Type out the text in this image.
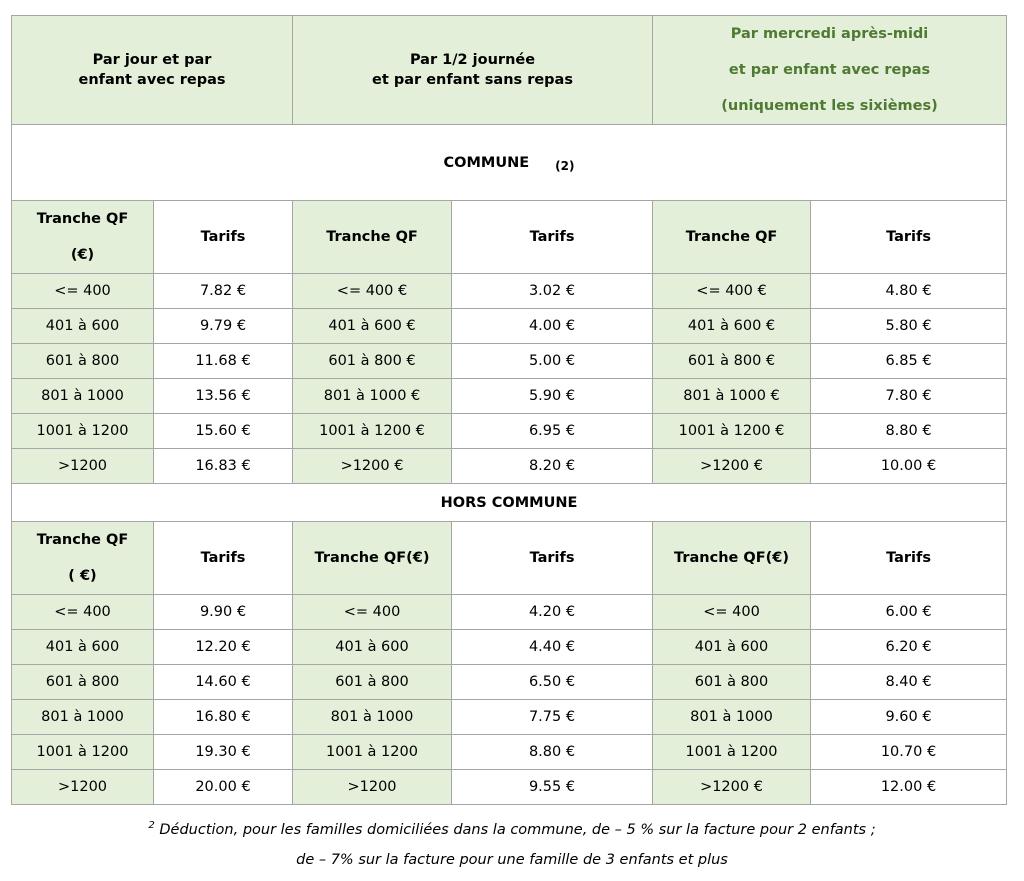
Par jour et par
enfant avec repas		Par 1/2 journée
et par enfant sans repas		Par mercredi après-midi
et par enfant avec repas
(uniquement les sixièmes)	
COMMUNE $_{(2)}$
Tranche QF
(€)	Tarifs	Tranche QF	Tarifs	Tranche QF	Tarifs
<= 400	7.82 €	<= 400 €	3.02 €	<= 400 €	4.80 €
401 à 600	9.79 €	401 à 600 €	4.00 €	401 à 600 €	5.80 €
601 à 800	11.68 €	601 à 800 €	5.00 €	601 à 800 €	6.85 €
801 à 1000	13.56 €	801 à 1000 €	5.90 €	801 à 1000 €	7.80 €
1001 à 1200	15.60 €	1001 à 1200 €	6.95 €	1001 à 1200 €	8.80 €
>1200	16.83 €	>1200 €	8.20 €	>1200 €	10.00 €
HORS COMMUNE					
Tranche QF
( €)	Tarifs	Tranche QF(€)	Tarifs	Tranche QF(€)	Tarifs
<= 400	9.90 €	<= 400	4.20 €	<= 400	6.00 €
401 à 600	12.20 €	401 à 600	4.40 €	401 à 600	6.20 €
601 à 800	14.60 €	601 à 800	6.50 €	601 à 800	8.40 €
801 à 1000	16.80 €	801 à 1000	7.75 €	801 à 1000	9.60 €
1001 à 1200	19.30 €	1001 à 1200	8.80 €	1001 à 1200	10.70 €
>1200	20.00 €	>1200	9.55 €	>1200 €	12.00 €

$^2$ Déduction, pour les familles domiciliées dans la commune, de – 5 % sur la facture pour 2 enfants ;

de – 7% sur la facture pour une famille de 3 enfants et plus
